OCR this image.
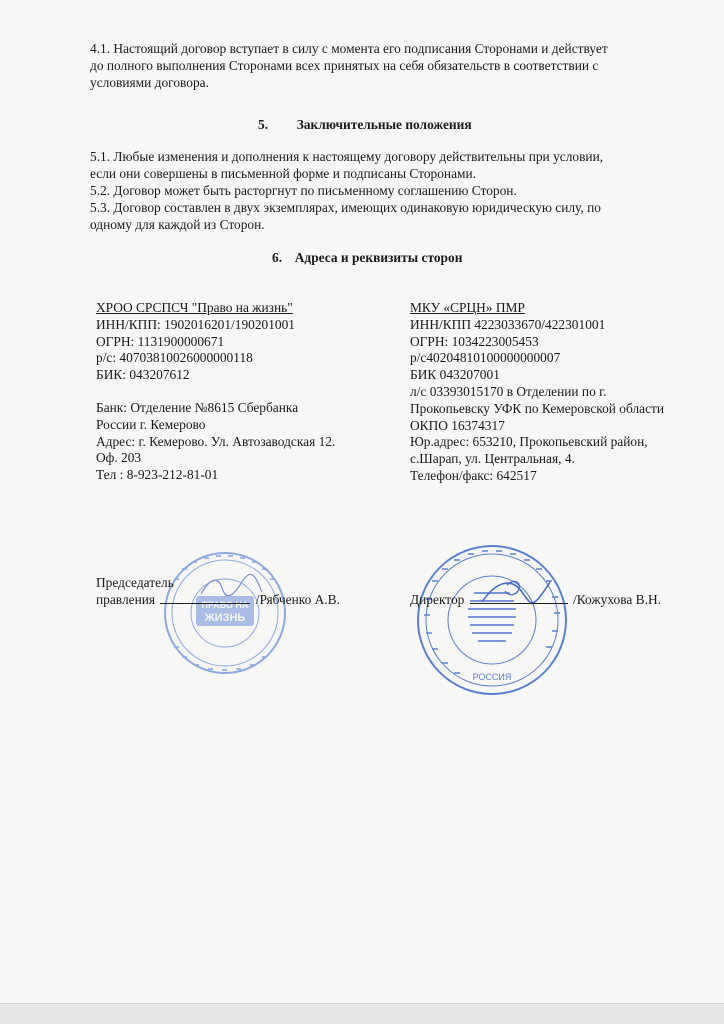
4.1. Настоящий договор вступает в силу с момента его подписания Сторонами и действует
до полного выполнения Сторонами всех принятых на себя обязательств в соответствии с
условиями договора.
5. Заключительные положения
5.1. Любые изменения и дополнения к настоящему договору действительны при условии,
если они совершены в письменной форме и подписаны Сторонами.
5.2. Договор может быть расторгнут по письменному соглашению Сторон.
5.3. Договор составлен в двух экземплярах, имеющих одинаковую юридическую силу, по
одному для каждой из Сторон.
6. Адреса и реквизиты сторон
ХРОО СРСПСЧ "Право на жизнь"
ИНН/КПП: 1902016201/190201001
ОГРН: 1131900000671
р/с: 40703810026000000118
БИК: 043207612
Банк: Отделение №8615 Сбербанка
России г. Кемерово
Адрес: г. Кемерово. Ул. Автозаводская 12.
Оф. 203
Тел : 8-923-212-81-01
МКУ «СРЦН» ПМР
ИНН/КПП 4223033670/422301001
ОГРН: 1034223005453
р/с40204810100000000007
БИК 043207001
л/с 03393015170 в Отделении по г.
Прокопьевску УФК по Кемеровской области
ОКПО 16374317
Юр.адрес: 653210, Прокопьевский район,
с.Шарап, ул. Центральная, 4.
Телефон/факс: 642517
ПРАВО НА
ЖИЗНЬ
РОССИЯ
Председатель
правления	/Рябченко А.В.	Директор	/Кожухова В.Н.
